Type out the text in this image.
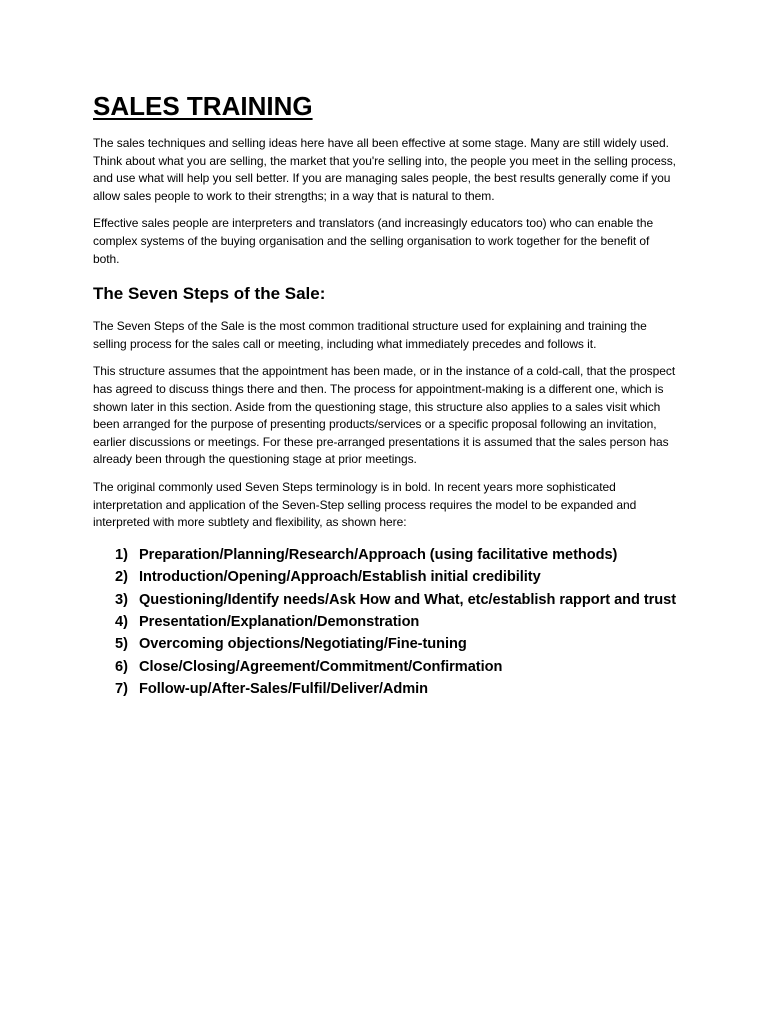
SALES TRAINING

The sales techniques and selling ideas here have all been effective at some stage. Many are still widely used. Think about what you are selling, the market that you're selling into, the people you meet in the selling process, and use what will help you sell better. If you are managing sales people, the best results generally come if you allow sales people to work to their strengths; in a way that is natural to them.

Effective sales people are interpreters and translators (and increasingly educators too) who can enable the complex systems of the buying organisation and the selling organisation to work together for the benefit of both.

The Seven Steps of the Sale:

The Seven Steps of the Sale is the most common traditional structure used for explaining and training the selling process for the sales call or meeting, including what immediately precedes and follows it.

This structure assumes that the appointment has been made, or in the instance of a cold-call, that the prospect has agreed to discuss things there and then. The process for appointment-making is a different one, which is shown later in this section. Aside from the questioning stage, this structure also applies to a sales visit which been arranged for the purpose of presenting products/services or a specific proposal following an invitation, earlier discussions or meetings. For these pre-arranged presentations it is assumed that the sales person has already been through the questioning stage at prior meetings.

The original commonly used Seven Steps terminology is in bold. In recent years more sophisticated interpretation and application of the Seven-Step selling process requires the model to be expanded and interpreted with more subtlety and flexibility, as shown here:

1) Preparation/Planning/Research/Approach (using facilitative methods)
2) Introduction/Opening/Approach/Establish initial credibility
3) Questioning/Identify needs/Ask How and What, etc/establish rapport and trust
4) Presentation/Explanation/Demonstration
5) Overcoming objections/Negotiating/Fine-tuning
6) Close/Closing/Agreement/Commitment/Confirmation
7) Follow-up/After-Sales/Fulfil/Deliver/Admin
